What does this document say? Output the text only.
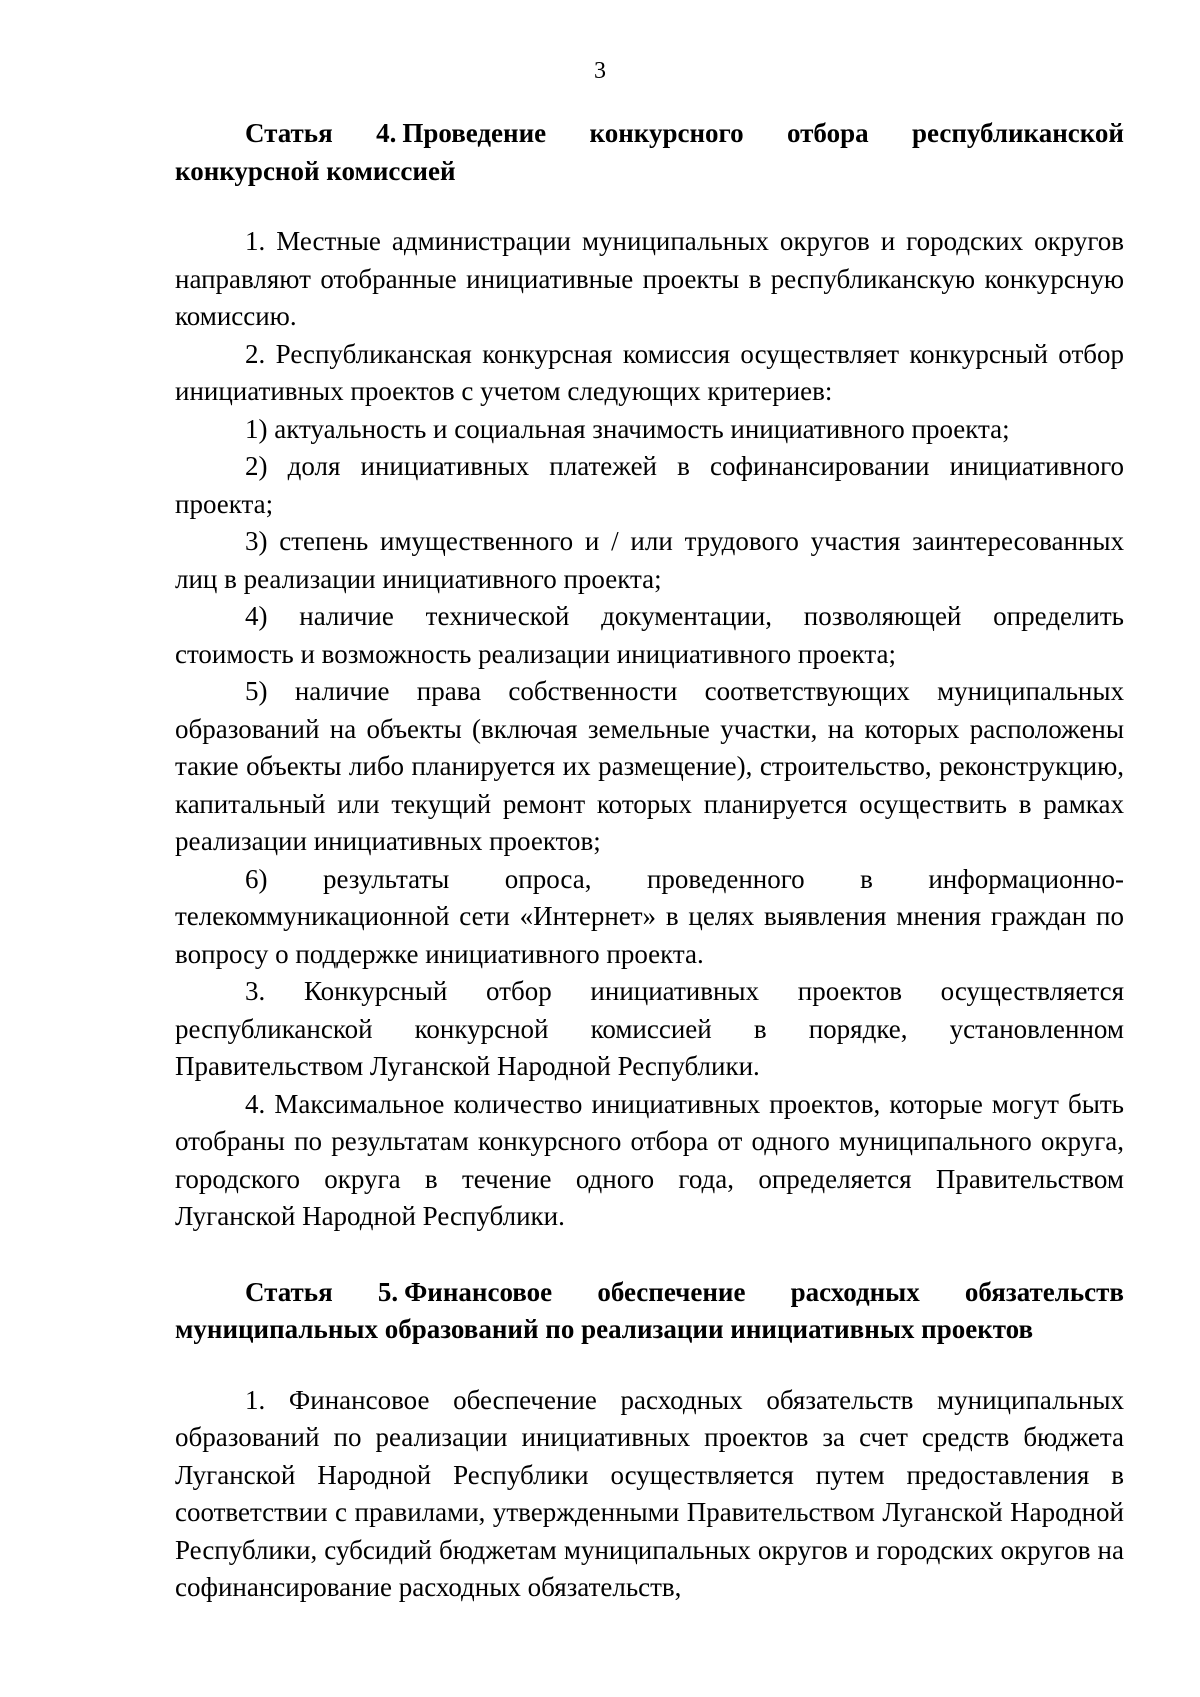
3

Статья 4. Проведение конкурсного отбора республиканской конкурсной комиссией

1. Местные администрации муниципальных округов и городских округов направляют отобранные инициативные проекты в республиканскую конкурсную комиссию.

2. Республиканская конкурсная комиссия осуществляет конкурсный отбор инициативных проектов с учетом следующих критериев:

1) актуальность и социальная значимость инициативного проекта;

2) доля инициативных платежей в софинансировании инициативного проекта;

3) степень имущественного и / или трудового участия заинтересованных лиц в реализации инициативного проекта;

4) наличие технической документации, позволяющей определить стоимость и возможность реализации инициативного проекта;

5) наличие права собственности соответствующих муниципальных образований на объекты (включая земельные участки, на которых расположены такие объекты либо планируется их размещение), строительство, реконструкцию, капитальный или текущий ремонт которых планируется осуществить в рамках реализации инициативных проектов;

6) результаты опроса, проведенного в информационно-телекоммуникационной сети «Интернет» в целях выявления мнения граждан по вопросу о поддержке инициативного проекта.

3. Конкурсный отбор инициативных проектов осуществляется республиканской конкурсной комиссией в порядке, установленном Правительством Луганской Народной Республики.

4. Максимальное количество инициативных проектов, которые могут быть отобраны по результатам конкурсного отбора от одного муниципального округа, городского округа в течение одного года, определяется Правительством Луганской Народной Республики.

Статья 5. Финансовое обеспечение расходных обязательств муниципальных образований по реализации инициативных проектов

1. Финансовое обеспечение расходных обязательств муниципальных образований по реализации инициативных проектов за счет средств бюджета Луганской Народной Республики осуществляется путем предоставления в соответствии с правилами, утвержденными Правительством Луганской Народной Республики, субсидий бюджетам муниципальных округов и городских округов на софинансирование расходных обязательств,
